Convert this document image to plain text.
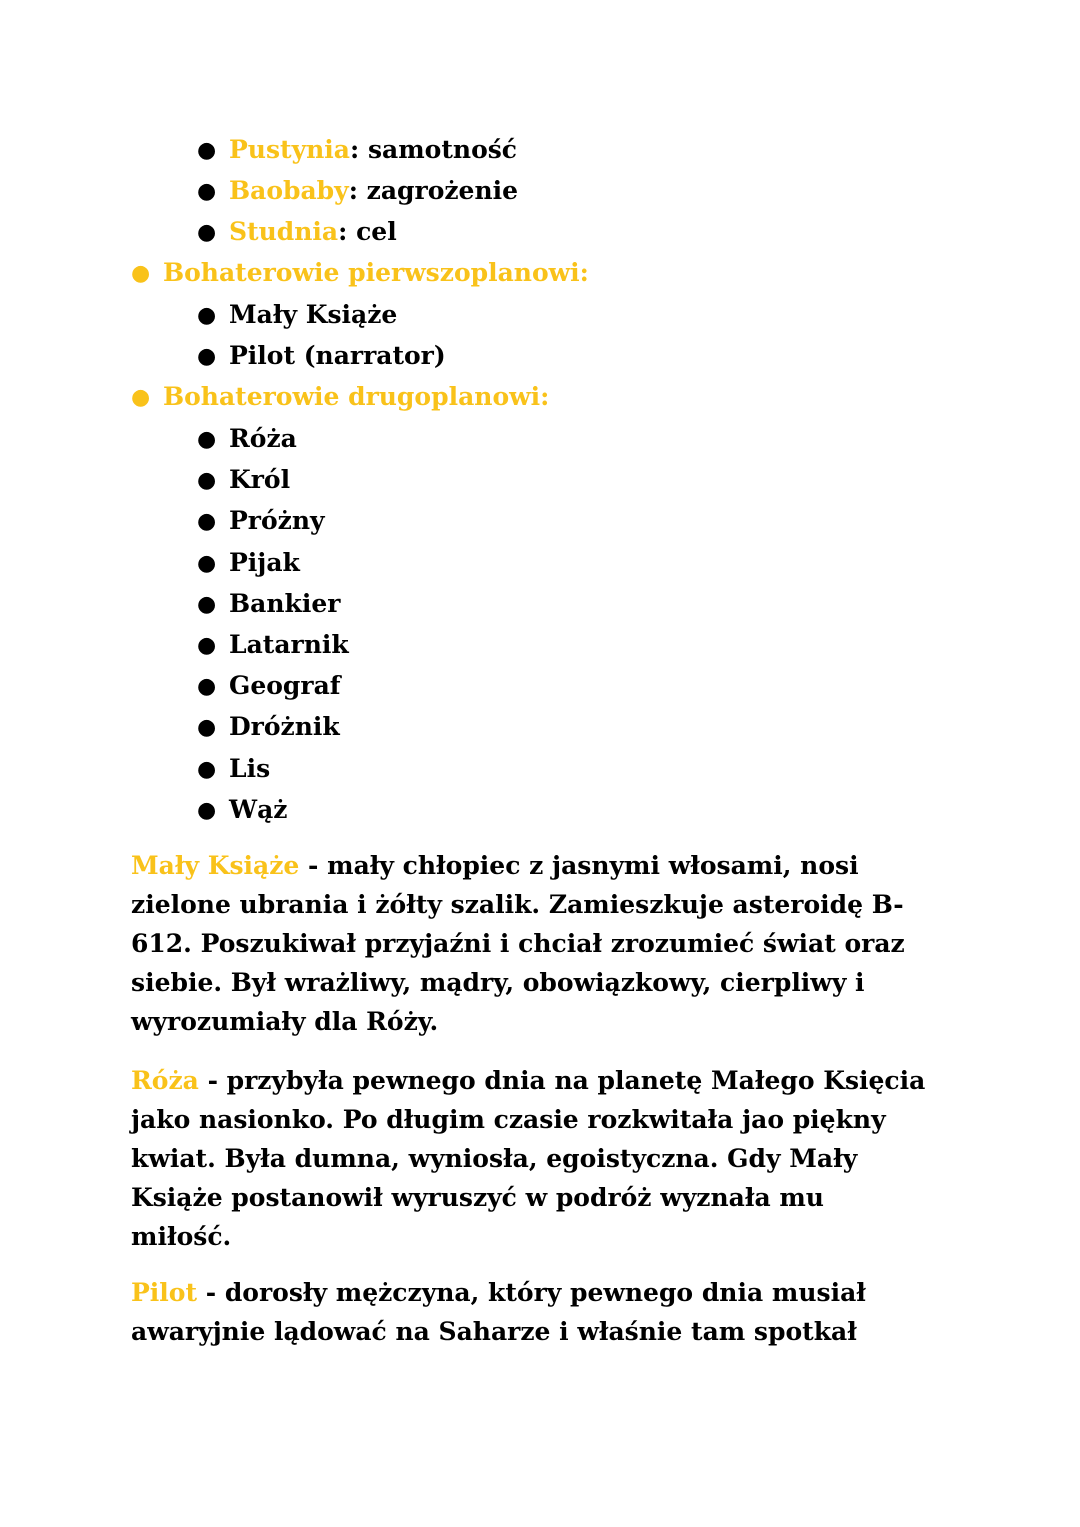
● Pustynia: samotność
● Baobaby: zagrożenie
● Studnia: cel
● Bohaterowie pierwszoplanowi:
● Mały Książe
● Pilot (narrator)
● Bohaterowie drugoplanowi:
● Róża
● Król
● Próżny
● Pijak
● Bankier
● Latarnik
● Geograf
● Dróżnik
● Lis
● Wąż
Mały Książe - mały chłopiec z jasnymi włosami, nosi
zielone ubrania i żółty szalik. Zamieszkuje asteroidę B-
612. Poszukiwał przyjaźni i chciał zrozumieć świat oraz
siebie. Był wrażliwy, mądry, obowiązkowy, cierpliwy i
wyrozumiały dla Róży.
Róża - przybyła pewnego dnia na planetę Małego Księcia
jako nasionko. Po długim czasie rozkwitała jao piękny
kwiat. Była dumna, wyniosła, egoistyczna. Gdy Mały
Książe postanowił wyruszyć w podróż wyznała mu
miłość.
Pilot - dorosły mężczyna, który pewnego dnia musiał
awaryjnie lądować na Saharze i właśnie tam spotkał
